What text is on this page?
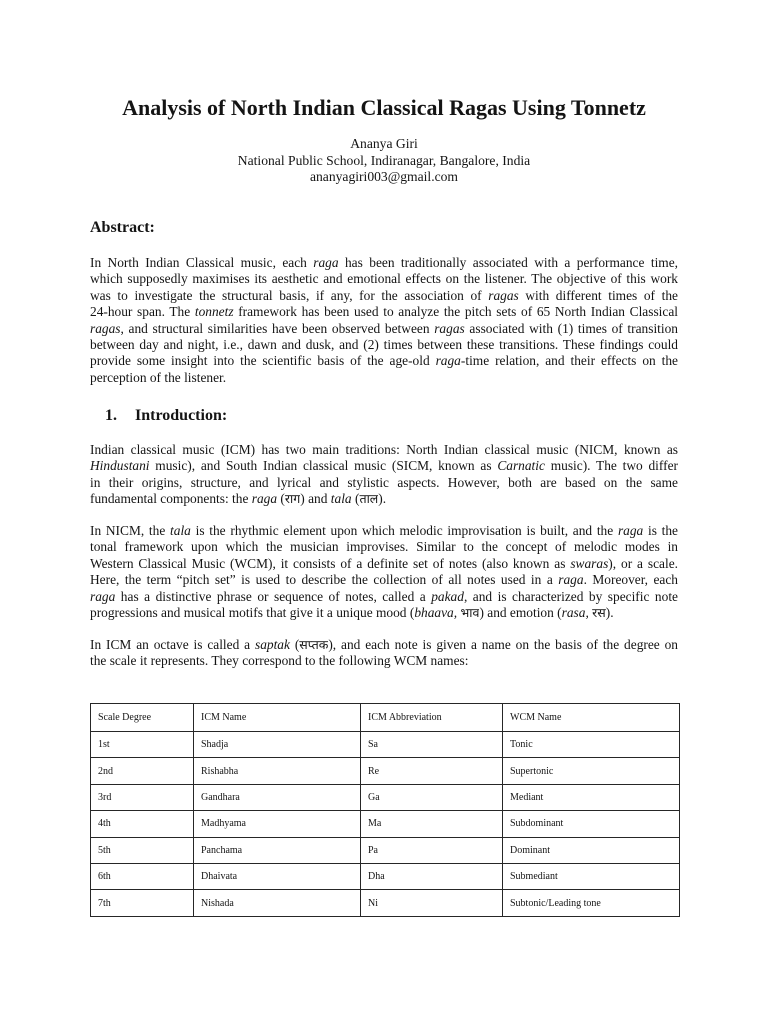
Analysis of North Indian Classical Ragas Using Tonnetz
Ananya Giri
National Public School, Indiranagar, Bangalore, India
ananyagiri003@gmail.com
Abstract:
In North Indian Classical music, each raga has been traditionally associated with a performance time,
which supposedly maximises its aesthetic and emotional effects on the listener. The objective of this work
was to investigate the structural basis, if any, for the association of ragas with different times of the
24-hour span. The tonnetz framework has been used to analyze the pitch sets of 65 North Indian Classical
ragas, and structural similarities have been observed between ragas associated with (1) times of transition
between day and night, i.e., dawn and dusk, and (2) times between these transitions. These findings could
provide some insight into the scientific basis of the age-old raga-time relation, and their effects on the
perception of the listener.
1. Introduction:
Indian classical music (ICM) has two main traditions: North Indian classical music (NICM, known as
Hindustani music), and South Indian classical music (SICM, known as Carnatic music). The two differ
in their origins, structure, and lyrical and stylistic aspects. However, both are based on the same
fundamental components: the raga (राग) and tala (ताल).
In NICM, the tala is the rhythmic element upon which melodic improvisation is built, and the raga is the
tonal framework upon which the musician improvises. Similar to the concept of melodic modes in
Western Classical Music (WCM), it consists of a definite set of notes (also known as swaras), or a scale.
Here, the term “pitch set” is used to describe the collection of all notes used in a raga. Moreover, each
raga has a distinctive phrase or sequence of notes, called a pakad, and is characterized by specific note
progressions and musical motifs that give it a unique mood (bhaava, भाव) and emotion (rasa, रस).
In ICM an octave is called a saptak (सप्तक), and each note is given a name on the basis of the degree on
the scale it represents. They correspond to the following WCM names:
Scale Degree	ICM Name	ICM Abbreviation	WCM Name
1st	Shadja	Sa	Tonic
2nd	Rishabha	Re	Supertonic
3rd	Gandhara	Ga	Mediant
4th	Madhyama	Ma	Subdominant
5th	Panchama	Pa	Dominant
6th	Dhaivata	Dha	Submediant
7th	Nishada	Ni	Subtonic/Leading tone
